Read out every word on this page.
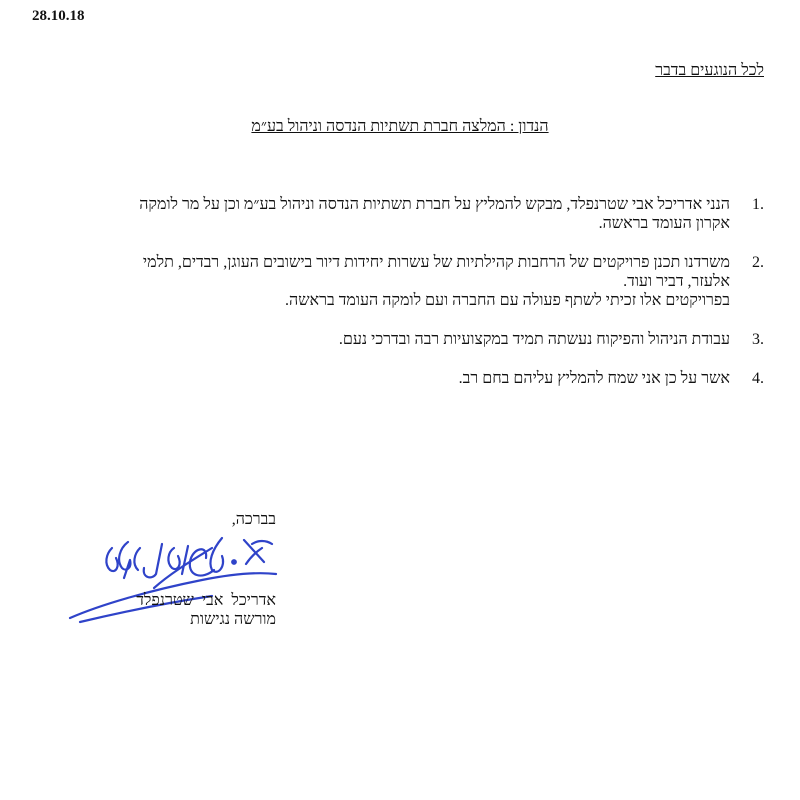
28.10.18
לכל הנוגעים בדבר
הנדון : המלצה חברת תשתיות הנדסה וניהול בע״מ
1.
הנני אדריכל אבי שטרנפלד, מבקש להמליץ על חברת תשתיות הנדסה וניהול בע״מ וכן על מר לומקה
אקרון העומד בראשה.
2.
משרדנו תכנן פרויקטים של הרחבות קהילתיות של עשרות יחידות דיור בישובים העוגן, רבדים, תלמי
אלעזר, דביר ועוד.
בפרויקטים אלו זכיתי לשתף פעולה עם החברה ועם לומקה העומד בראשה.
3.
עבודת הניהול והפיקוח נעשתה תמיד במקצועיות רבה ובדרכי נעם.
4.
אשר על כן אני שמח להמליץ עליהם בחם רב.
בברכה,
אדריכל אבי שטרנפלד
מורשה נגישות
